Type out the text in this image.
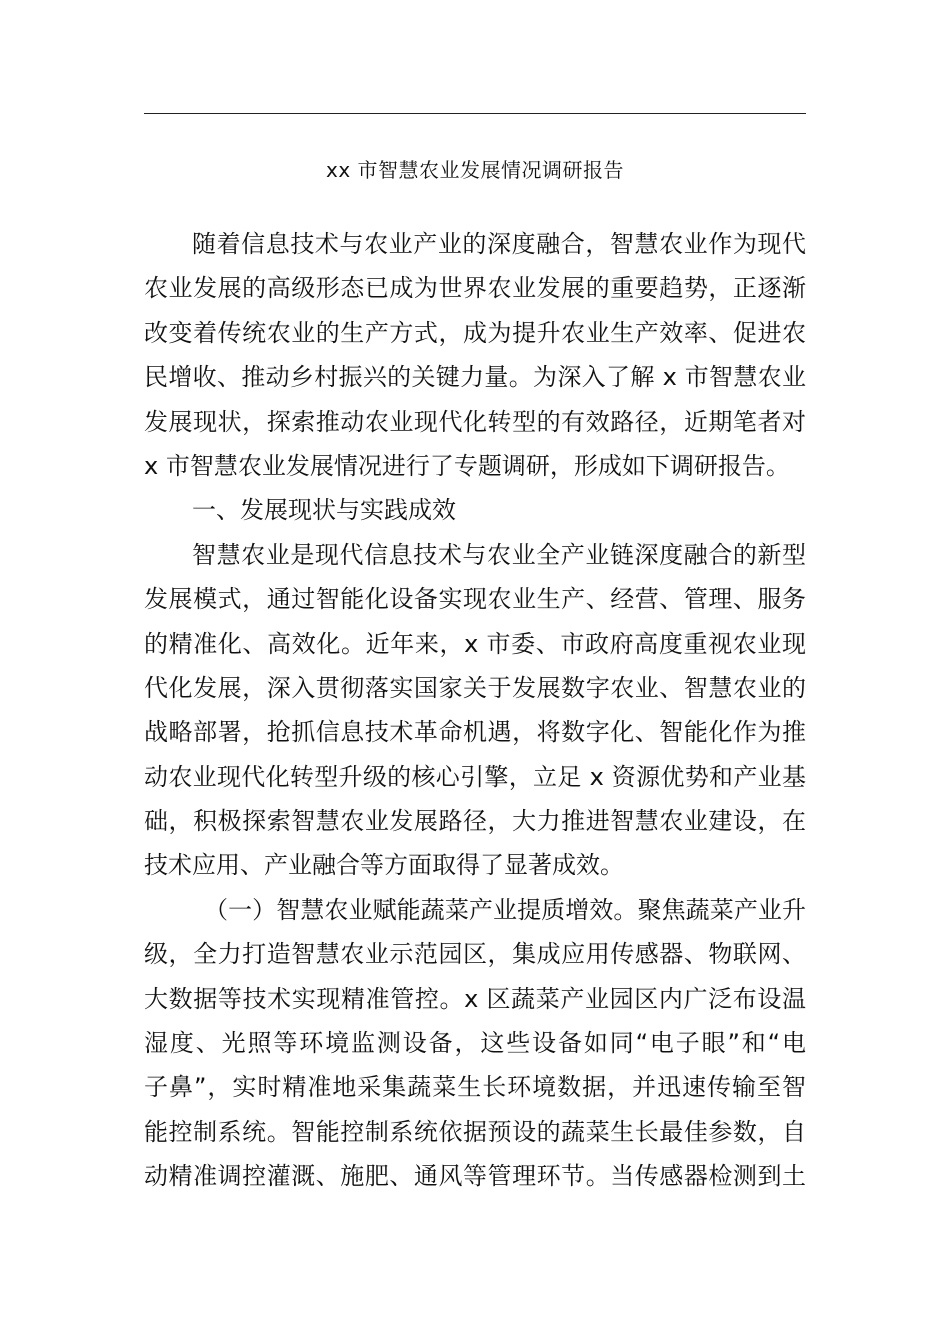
xx 市智慧农业发展情况调研报告
随着信息技术与农业产业的深度融合，智慧农业作为现代
农业发展的高级形态已成为世界农业发展的重要趋势，正逐渐
改变着传统农业的生产方式，成为提升农业生产效率、促进农
民增收、推动乡村振兴的关键力量。为深入了解 x 市智慧农业
发展现状，探索推动农业现代化转型的有效路径，近期笔者对
x 市智慧农业发展情况进行了专题调研，形成如下调研报告。
一、发展现状与实践成效
智慧农业是现代信息技术与农业全产业链深度融合的新型
发展模式，通过智能化设备实现农业生产、经营、管理、服务
的精准化、高效化。近年来，x 市委、市政府高度重视农业现
代化发展，深入贯彻落实国家关于发展数字农业、智慧农业的
战略部署，抢抓信息技术革命机遇，将数字化、智能化作为推
动农业现代化转型升级的核心引擎，立足 x 资源优势和产业基
础，积极探索智慧农业发展路径，大力推进智慧农业建设，在
技术应用、产业融合等方面取得了显著成效。
（一）智慧农业赋能蔬菜产业提质增效。聚焦蔬菜产业升
级，全力打造智慧农业示范园区，集成应用传感器、物联网、
大数据等技术实现精准管控。x 区蔬菜产业园区内广泛布设温
湿度、光照等环境监测设备，这些设备如同“电子眼”和“电
子鼻”，实时精准地采集蔬菜生长环境数据，并迅速传输至智
能控制系统。智能控制系统依据预设的蔬菜生长最佳参数，自
动精准调控灌溉、施肥、通风等管理环节。当传感器检测到土
